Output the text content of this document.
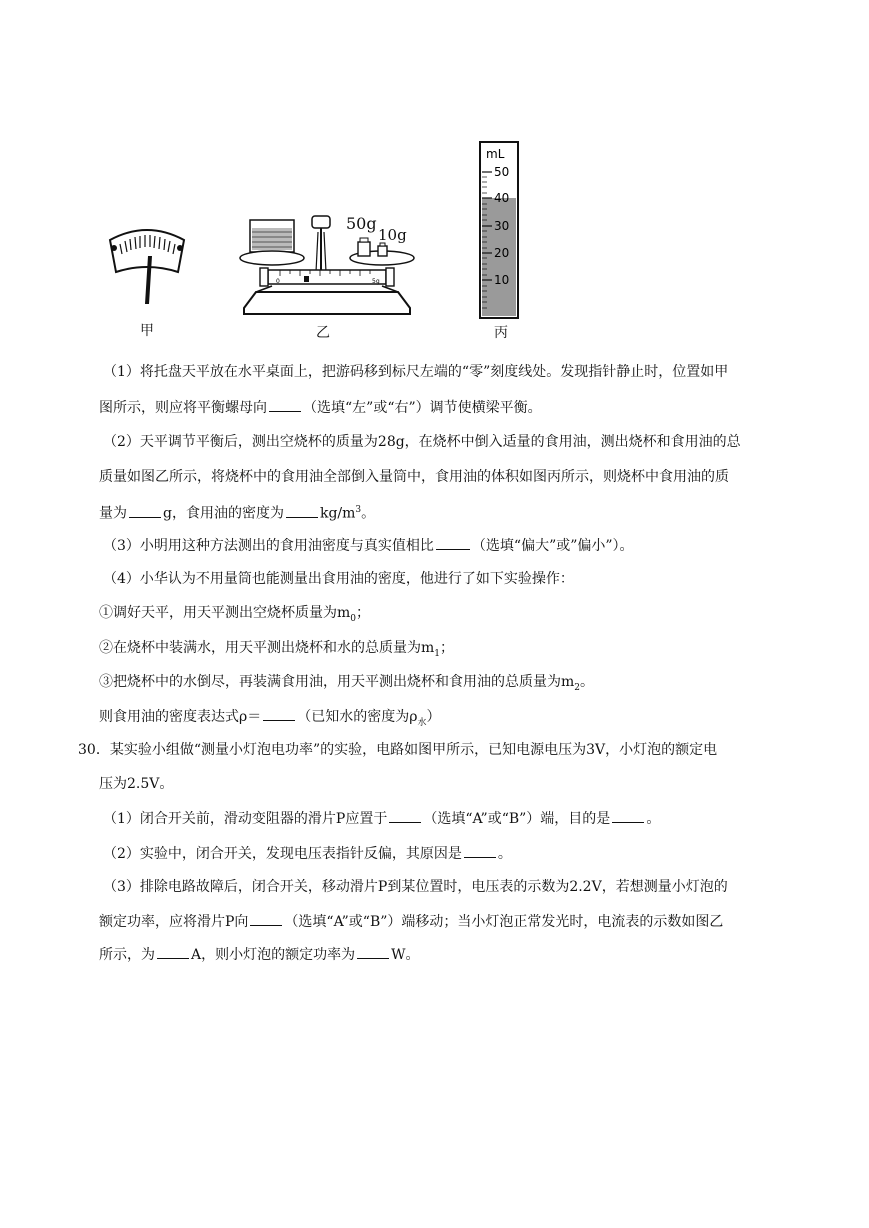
甲
0	5g
50g
10g
乙
mL
50
40
30
20
10
丙
（1）将托盘天平放在水平桌面上，把游码移到标尺左端的“零”刻度线处。发现指针静止时，位置如甲
图所示，则应将平衡螺母向	（选填“左”或“右”）调节使横梁平衡。
（2）天平调节平衡后，测出空烧杯的质量为28g，在烧杯中倒入适量的食用油，测出烧杯和食用油的总
质量如图乙所示，将烧杯中的食用油全部倒入量筒中，食用油的体积如图丙所示，则烧杯中食用油的质
量为	g，食用油的密度为	$kg/m^3$。
（3）小明用这种方法测出的食用油密度与真实值相比	（选填“偏大”或”偏小”）。
（4）小华认为不用量筒也能测量出食用油的密度，他进行了如下实验操作：
①调好天平，用天平测出空烧杯质量为$m_0$；
②在烧杯中装满水，用天平测出烧杯和水的总质量为$m_1$；
③把烧杯中的水倒尽，再装满食用油，用天平测出烧杯和食用油的总质量为$m_2$。
则食用油的密度表达式ρ＝	（已知水的密度为$\rho_水$）
30．某实验小组做“测量小灯泡电功率”的实验，电路如图甲所示，已知电源电压为3V，小灯泡的额定电
压为2.5V。
（1）闭合开关前，滑动变阻器的滑片P应置于	（选填“A”或“B”）端，目的是	。
（2）实验中，闭合开关，发现电压表指针反偏，其原因是	。
（3）排除电路故障后，闭合开关，移动滑片P到某位置时，电压表的示数为2.2V，若想测量小灯泡的
额定功率，应将滑片P向	（选填“A”或“B”）端移动；当小灯泡正常发光时，电流表的示数如图乙
所示，为	A，则小灯泡的额定功率为	W。
